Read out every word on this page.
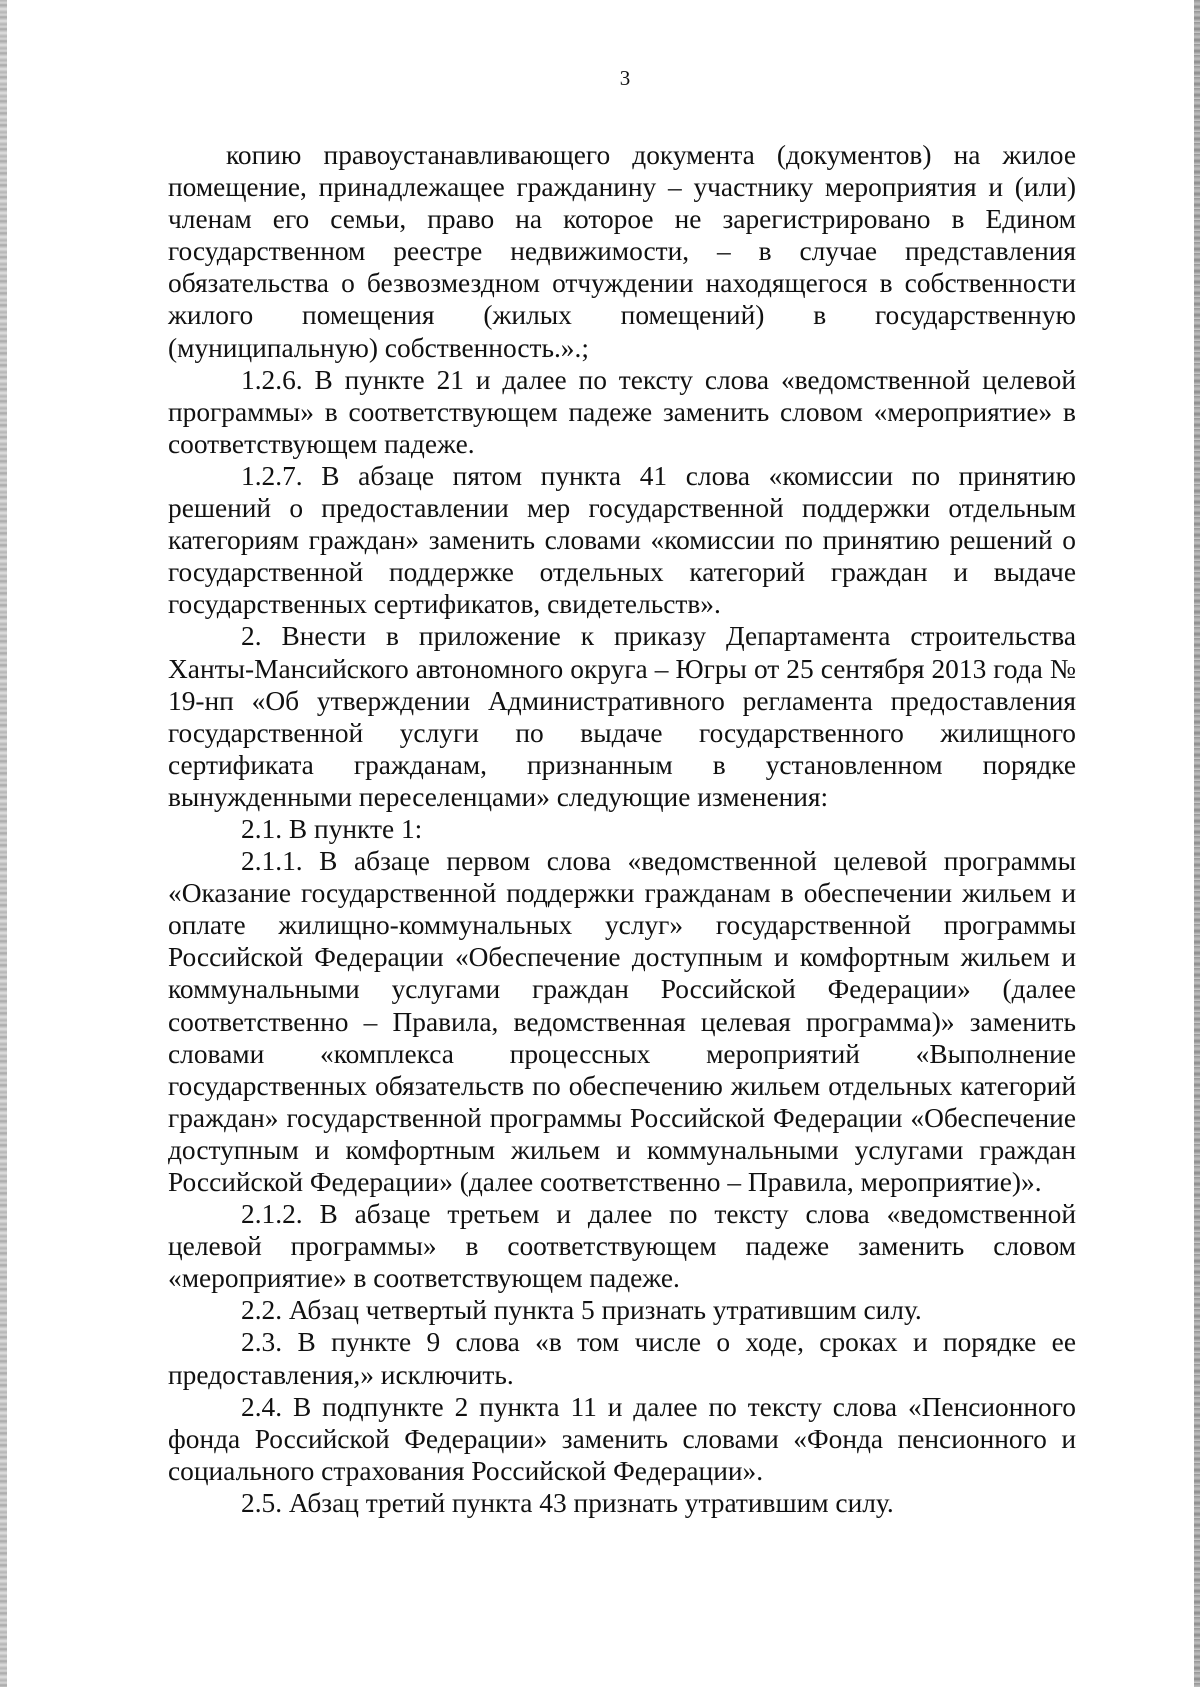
3

копию правоустанавливающего документа (документов) на жилое помещение, принадлежащее гражданину – участнику мероприятия и (или) членам его семьи, право на которое не зарегистрировано в Едином государственном реестре недвижимости, – в случае представления обязательства о безвозмездном отчуждении находящегося в собственности жилого помещения (жилых помещений) в государственную (муниципальную) собственность.».;

1.2.6. В пункте 21 и далее по тексту слова «ведомственной целевой программы» в соответствующем падеже заменить словом «мероприятие» в соответствующем падеже.

1.2.7. В абзаце пятом пункта 41 слова «комиссии по принятию решений о предоставлении мер государственной поддержки отдельным категориям граждан» заменить словами «комиссии по принятию решений о государственной поддержке отдельных категорий граждан и выдаче государственных сертификатов, свидетельств».

2. Внести в приложение к приказу Департамента строительства Ханты-Мансийского автономного округа – Югры от 25 сентября 2013 года № 19-нп «Об утверждении Административного регламента предоставления государственной услуги по выдаче государственного жилищного сертификата гражданам, признанным в установленном порядке вынужденными переселенцами» следующие изменения:

2.1. В пункте 1:

2.1.1. В абзаце первом слова «ведомственной целевой программы «Оказание государственной поддержки гражданам в обеспечении жильем и оплате жилищно-коммунальных услуг» государственной программы Российской Федерации «Обеспечение доступным и комфортным жильем и коммунальными услугами граждан Российской Федерации» (далее соответственно – Правила, ведомственная целевая программа)» заменить словами «комплекса процессных мероприятий «Выполнение государственных обязательств по обеспечению жильем отдельных категорий граждан» государственной программы Российской Федерации «Обеспечение доступным и комфортным жильем и коммунальными услугами граждан Российской Федерации» (далее соответственно – Правила, мероприятие)».

2.1.2. В абзаце третьем и далее по тексту слова «ведомственной целевой программы» в соответствующем падеже заменить словом «мероприятие» в соответствующем падеже.

2.2. Абзац четвертый пункта 5 признать утратившим силу.

2.3. В пункте 9 слова «в том числе о ходе, сроках и порядке ее предоставления,» исключить.

2.4. В подпункте 2 пункта 11 и далее по тексту слова «Пенсионного фонда Российской Федерации» заменить словами «Фонда пенсионного и социального страхования Российской Федерации».

2.5. Абзац третий пункта 43 признать утратившим силу.
